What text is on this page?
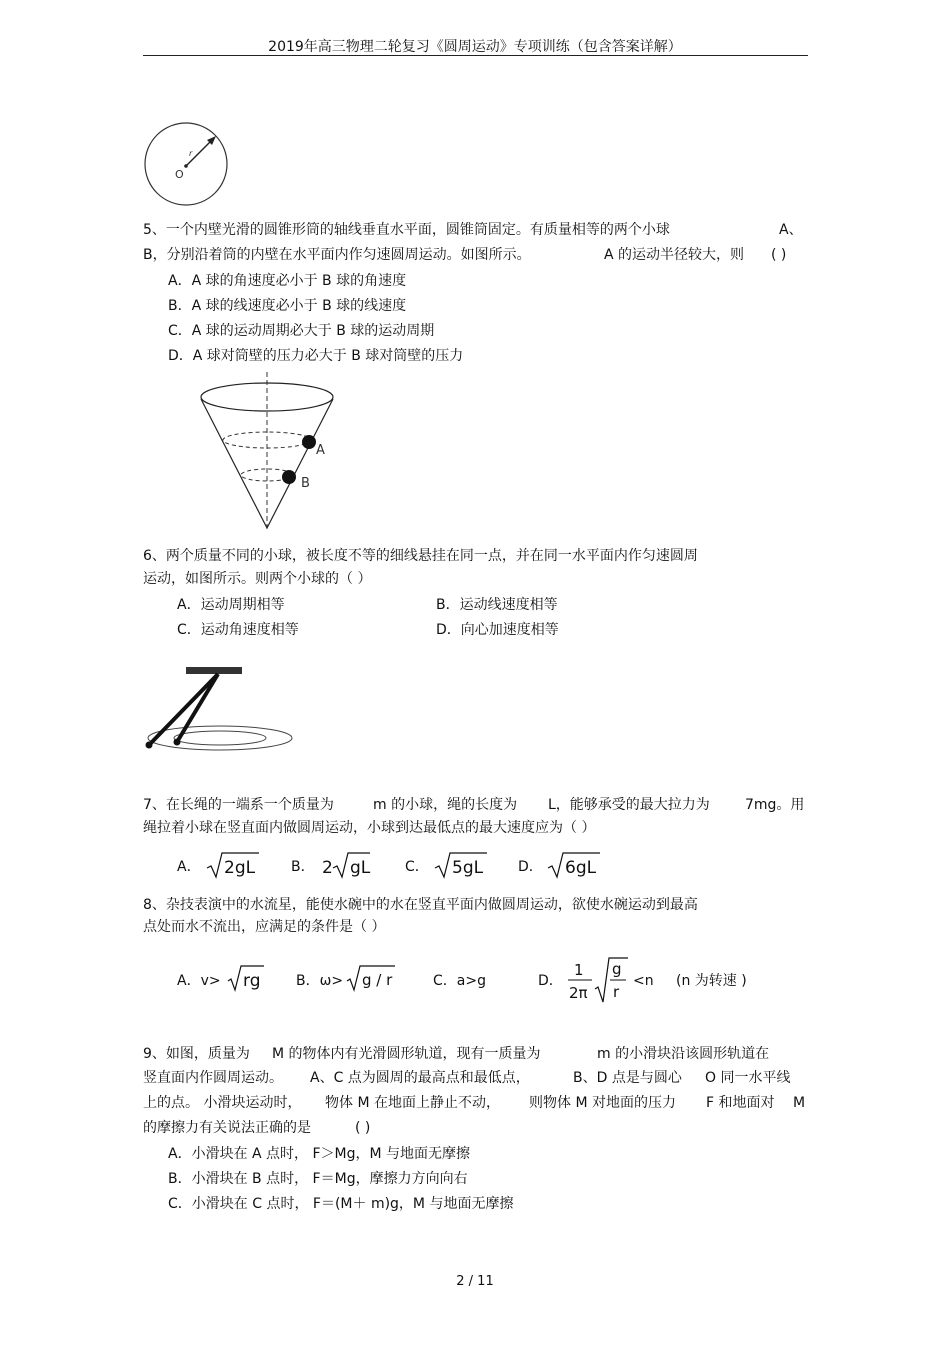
2019年高三物理二轮复习《圆周运动》专项训练（包含答案详解）
O
r
5、一个内壁光滑的圆锥形筒的轴线垂直水平面，圆锥筒固定。有质量相等的两个小球	A、
B，分别沿着筒的内壁在水平面内作匀速圆周运动。如图所示。	A 的运动半径较大，则 ( )
A．A 球的角速度必小于 B 球的角速度
B．A 球的线速度必小于 B 球的线速度
C．A 球的运动周期必大于 B 球的运动周期
D．A 球对筒壁的压力必大于 B 球对筒壁的压力
A
B
6、两个质量不同的小球，被长度不等的细线悬挂在同一点，并在同一水平面内作匀速圆周
运动，如图所示。则两个小球的（ ）
A．运动周期相等	B．运动线速度相等
C．运动角速度相等	D．向心加速度相等
7、在长绳的一端系一个质量为	m 的小球，绳的长度为 L，能够承受的最大拉力为	7mg。用
绳拉着小球在竖直面内做圆周运动，小球到达最低点的最大速度应为（ ）
A． 2gL	B． 2 gL C． 5gL D． 6gL
8、杂技表演中的水流星，能使水碗中的水在竖直平面内做圆周运动，欲使水碗运动到最高
点处而水不流出，应满足的条件是（ ）
A．v> rg	B．ω> g / r	C．a>g	D．
1
2π
g
r
<n (n 为转速 )
9、如图，质量为 M 的物体内有光滑圆形轨道，现有一质量为	m 的小滑块沿该圆形轨道在
竖直面内作圆周运动。 A、C 点为圆周的最高点和最低点，	B、D 点是与圆心 O 同一水平线
上的点。 小滑块运动时， 物体 M 在地面上静止不动， 则物体 M 对地面的压力 F 和地面对 M
的摩擦力有关说法正确的是	( )
A．小滑块在 A 点时， F＞Mg，M 与地面无摩擦
B．小滑块在 B 点时， F＝Mg，摩擦力方向向右
C．小滑块在 C 点时， F＝(M＋ m)g，M 与地面无摩擦
2 / 11
